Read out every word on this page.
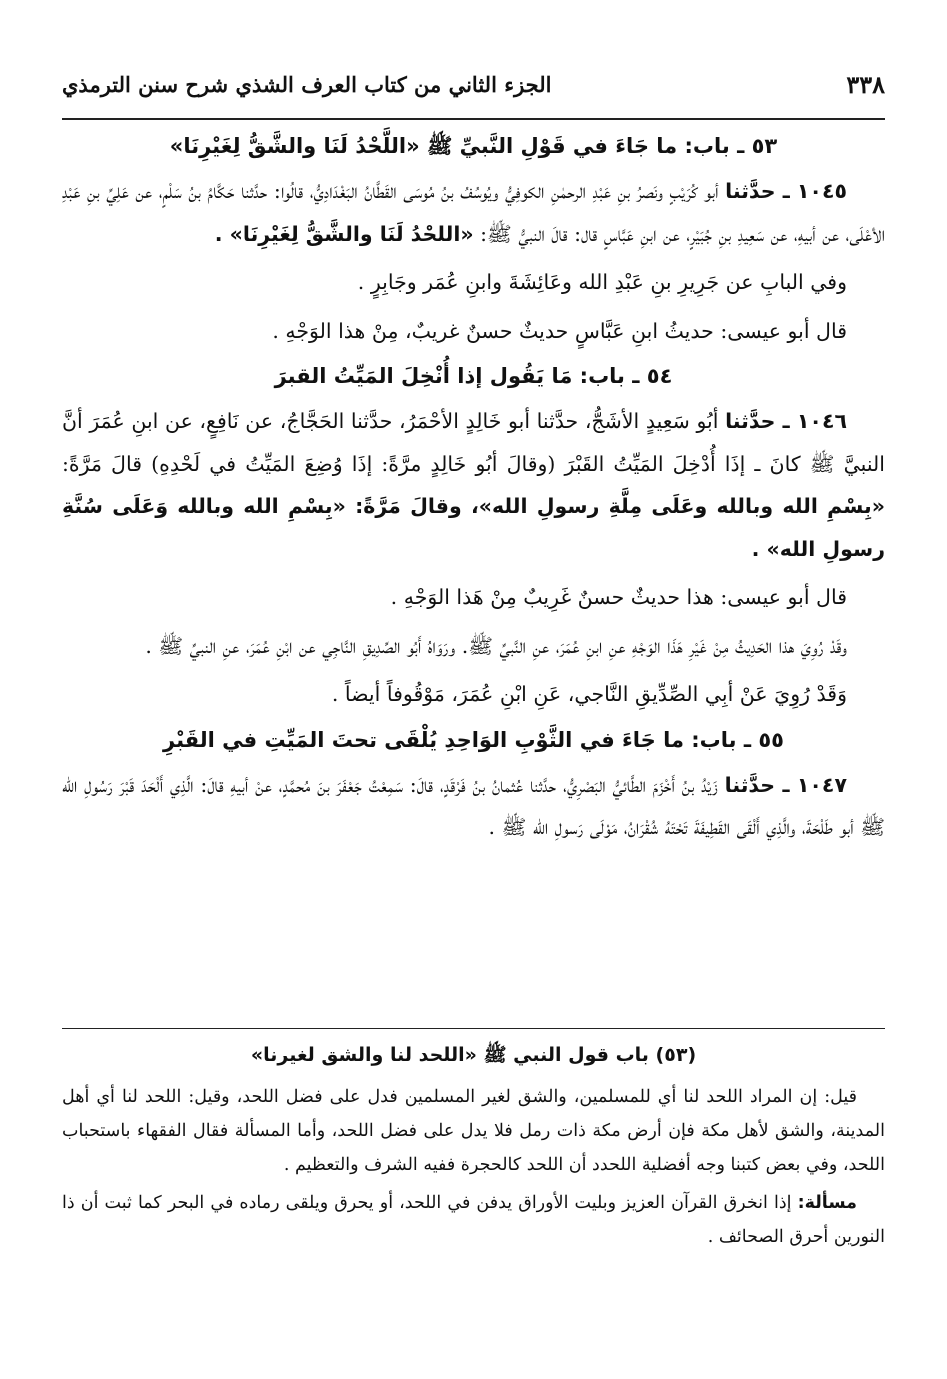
٣٣٨
الجزء الثاني من كتاب العرف الشذي شرح سنن الترمذي
٥٣ ـ باب: ما جَاءَ في قَوْلِ النَّبيِّ ﷺ «اللَّحْدُ لَنَا والشَّقُّ لِغَيْرِنَا»

١٠٤٥ ـ حدَّثنا أبو كُرَيْبٍ ونَصرُ بنِ عَبْدِ الرحمٰنِ الكوفِيُّ ويُوسُفُ بنُ مُوسَى القَطَّانُ البَغْدَادِيُّ، قالُوا: حدَّثنا حَكَّامُ بنُ سَلْمٍ، عن عَلِيِّ بنِ عَبْدِ الأعْلَى، عن أبيهِ، عن سَعِيدِ بنِ جُبَيْرٍ، عن ابنِ عَبَّاسٍ قال: قالَ النبيُّ ﷺ: «اللحْدُ لَنَا والشَّقُّ لِغَيْرِنَا» .

وفي البابِ عن جَرِيرِ بنِ عَبْدِ الله وعَائِشَةَ وابنِ عُمَر وجَابِرٍ .

قال أبو عيسى: حديثُ ابنِ عَبَّاسٍ حديثٌ حسنٌ غريبٌ، مِنْ هذا الوَجْهِ .

٥٤ ـ باب: مَا يَقُول إذا أُنْخِلَ المَيِّتُ القبرَ

١٠٤٦ ـ حدَّثنا أبُو سَعِيدٍ الأشَجُّ، حدَّثنا أبو خَالِدٍ الأحْمَرُ، حدَّثنا الحَجَّاجُ، عن نَافِعٍ، عن ابنِ عُمَرَ أنَّ النبيَّ ﷺ كانَ ـ إذَا أُدْخِلَ المَيِّتُ القَبْرَ (وقالَ أبُو خَالِدٍ مرَّةً: إذَا وُضِعَ المَيِّتُ في لَحْدِهِ) قالَ مَرَّةً: «بِسْمِ الله وبالله وعَلَى مِلَّةِ رسولِ الله»، وقالَ مَرَّةً: «بِسْمِ الله وبالله وَعَلَى سُنَّةِ رسولِ الله» .

قال أبو عيسى: هذا حديثٌ حسنٌ غَرِيبٌ مِنْ هَذا الوَجْهِ .

وقَدْ رُوِيَ هذا الحَدِيثُ مِنْ غَيْرِ هَذَا الوَجْهِ عنِ ابنِ عُمَرَ، عنِ النَّبيِّ ﷺ. ورَوَاهُ أَبُو الصِّدِيقِ النَّاجِي عن ابْنِ عُمَرَ، عنِ النبيِّ ﷺ .

وَقَدْ رُوِيَ عَنْ أبِي الصِّدِّيقِ النَّاجي، عَنِ ابْنِ عُمَرَ، مَوْقُوفاً أيضاً .

٥٥ ـ باب: ما جَاءَ في الثَّوْبِ الوَاحِدِ يُلْقَى تحتَ المَيِّتِ في القَبْرِ

١٠٤٧ ـ حدَّثنا زَيْدُ بنُ أَخْزَمَ الطَّائيُّ البَصْرِيُّ، حدَّثنا عُثمانُ بنُ فَرْقَدٍ، قالَ: سَمِعْتُ جَعْفَرَ بنَ مُحمَّدٍ، عنْ أبيهِ قالَ: الَّذِي أَلْحَدَ قَبْرَ رَسُولِ الله ﷺ أبو طَلْحَةَ، والَّذِي أَلْقَى القَطِيفَةَ تَحْتَهُ شُقْرَانُ، مَوْلَى رَسولِ الله ﷺ .

(٥٣) باب قول النبي ﷺ «اللحد لنا والشق لغيرنا»

قيل: إن المراد اللحد لنا أي للمسلمين، والشق لغير المسلمين فدل على فضل اللحد، وقيل: اللحد لنا أي أهل المدينة، والشق لأهل مكة فإن أرض مكة ذات رمل فلا يدل على فضل اللحد، وأما المسألة فقال الفقهاء باستحباب اللحد، وفي بعض كتبنا وجه أفضلية اللحدد أن اللحد كالحجرة ففيه الشرف والتعظيم .

مسألة: إذا انخرق القرآن العزيز وبليت الأوراق يدفن في اللحد، أو يحرق ويلقى رماده في البحر كما ثبت أن ذا النورين أحرق الصحائف .
